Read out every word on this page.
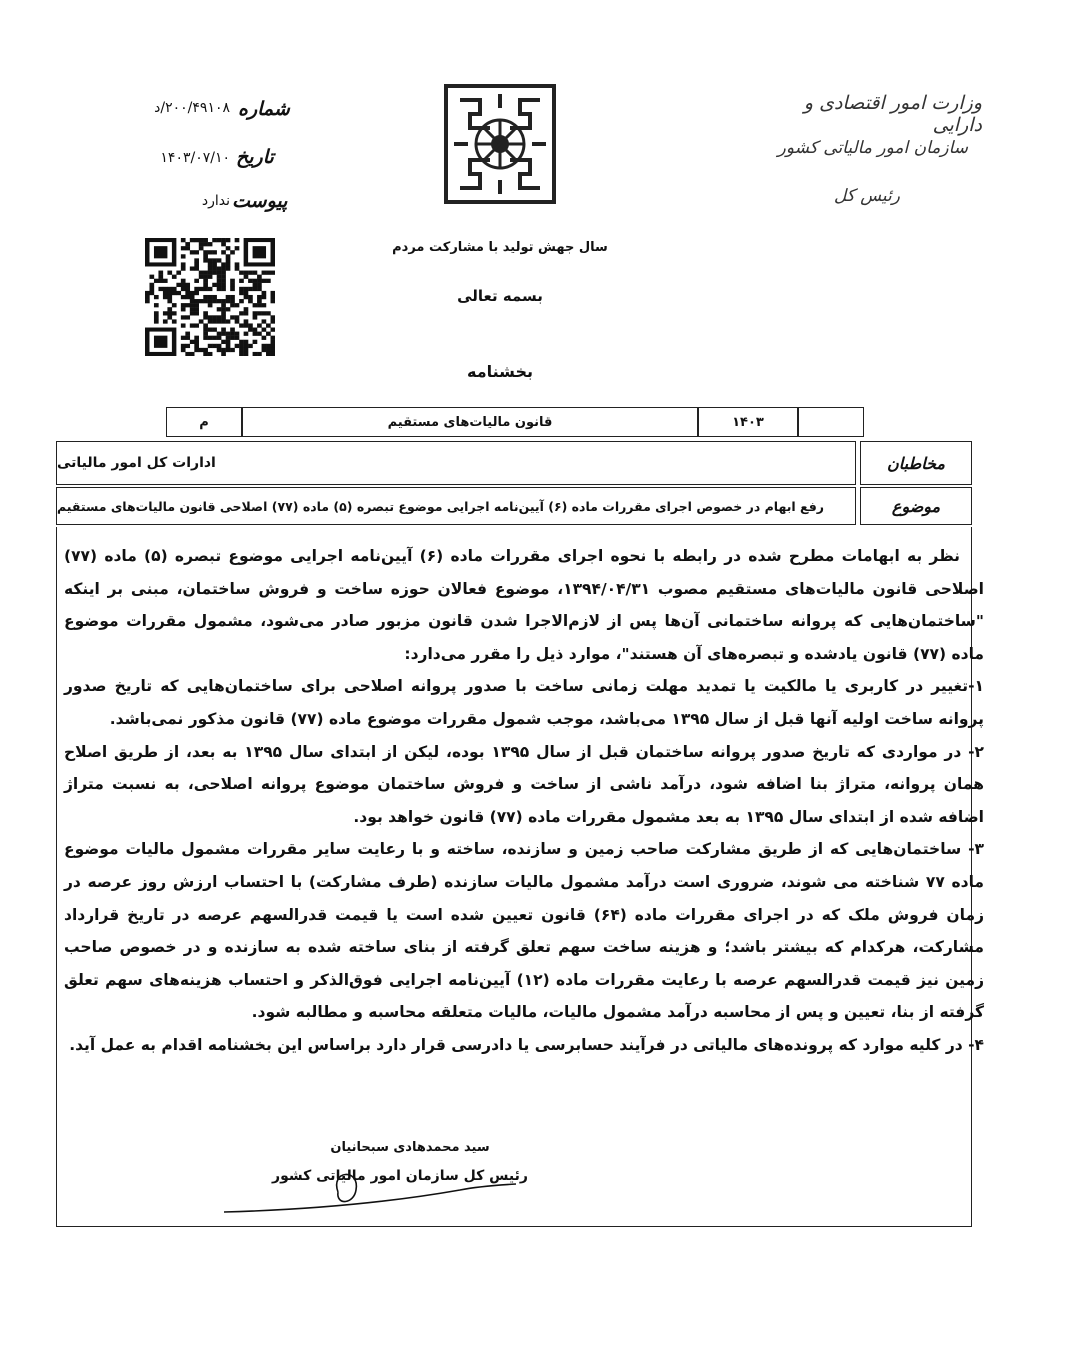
وزارت امور اقتصادی و دارایی
سازمان امور مالیاتی کشور
رئیس کل
سال جهش تولید با مشارکت مردم
بسمه تعالی
بخشنامه
شماره
۲۰۰/۴۹۱۰۸/د
تاریخ
۱۴۰۳/۰۷/۱۰
پیوست
ندارد
۱۴۰۳
قانون مالیات‌های مستقیم
م
مخاطبان
ادارات کل امور مالیاتی
موضوع
رفع ابهام در خصوص اجرای مقررات ماده (۶) آیین‌نامه اجرایی موضوع تبصره (۵) ماده (۷۷) اصلاحی قانون مالیات‌های مستقیم

نظر به ابهامات مطرح شده در رابطه با نحوه اجرای مقررات ماده (۶) آیین‌نامه اجرایی موضوع تبصره (۵) ماده (۷۷) اصلاحی قانون مالیات‌های مستقیم مصوب ۱۳۹۴/۰۴/۳۱، موضوع فعالان حوزه ساخت و فروش ساختمان، مبنی بر اینکه "ساختمان‌هایی که پروانه ساختمانی آن‌ها پس از لازم‌الاجرا شدن قانون مزبور صادر می‌شود، مشمول مقررات موضوع ماده (۷۷) قانون یادشده و تبصره‌های آن هستند"، موارد ذیل را مقرر می‌دارد:

۱-تغییر در کاربری یا مالکیت یا تمدید مهلت زمانی ساخت با صدور پروانه اصلاحی برای ساختمان‌هایی که تاریخ صدور پروانه ساخت اولیه آنها قبل از سال ۱۳۹۵ می‌باشد، موجب شمول مقررات موضوع ماده (۷۷) قانون مذکور نمی‌باشد.

۲- در مواردی که تاریخ صدور پروانه ساختمان قبل از سال ۱۳۹۵ بوده، لیکن از ابتدای سال ۱۳۹۵ به بعد، از طریق اصلاح همان پروانه، متراژ بنا اضافه شود، درآمد ناشی از ساخت و فروش ساختمان موضوع پروانه اصلاحی، به نسبت متراژ اضافه شده از ابتدای سال ۱۳۹۵ به بعد مشمول مقررات ماده (۷۷) قانون خواهد بود.

۳- ساختمان‌هایی که از طریق مشارکت صاحب زمین و سازنده، ساخته و با رعایت سایر مقررات مشمول مالیات موضوع ماده ۷۷ شناخته می شوند، ضروری است درآمد مشمول مالیات سازنده (طرف مشارکت) با احتساب ارزش روز عرصه در زمان فروش ملک که در اجرای مقررات ماده (۶۴) قانون تعیین شده است یا قیمت قدرالسهم عرصه در تاریخ قرارداد مشارکت، هرکدام که بیشتر باشد؛ و هزینه ساخت سهم تعلق گرفته از بنای ساخته شده به سازنده و در خصوص صاحب زمین نیز قیمت قدرالسهم عرصه با رعایت مقررات ماده (۱۲) آیین‌نامه اجرایی فوق‌الذکر و احتساب هزینه‌های سهم تعلق گرفته از بنا، تعیین و پس از محاسبه درآمد مشمول مالیات، مالیات متعلقه محاسبه و مطالبه شود.

۴- در کلیه موارد که پرونده‌های مالیاتی در فرآیند حسابرسی یا دادرسی قرار دارد براساس این بخشنامه اقدام به عمل آید.

سید محمدهادی سبحانیان
رئیس کل سازمان امور مالیاتی کشور
